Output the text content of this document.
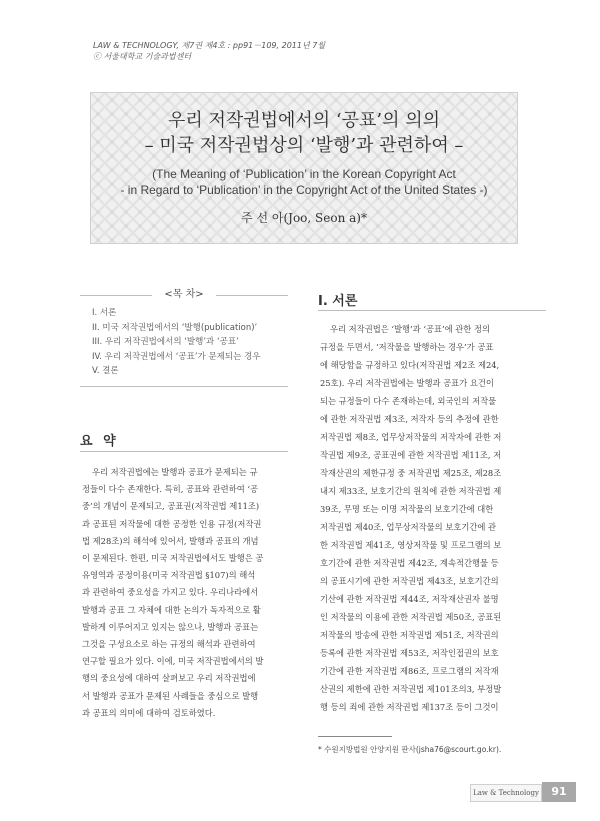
LAW & TECHNOLOGY, 제7권 제4호 : pp91－109, 2011년 7월
ⓒ 서울대학교 기술과법센터
우리 저작권법에서의 ‘공표’의 의의
– 미국 저작권법상의 ‘발행’과 관련하여 –
(The Meaning of ‘Publication’ in the Korean Copyright Act
- in Regard to ‘Publication’ in the Copyright Act of the United States -)
주 선 아(Joo, Seon a)*
<목 차>
I. 서론
II. 미국 저작권법에서의 ‘발행(publication)’
III. 우리 저작권법에서의 ‘발행’과 ‘공표’
IV. 우리 저작권법에서 ‘공표’가 문제되는 경우
V. 결론
요 약
우리 저작권법에는 발행과 공표가 문제되는 규
정들이 다수 존재한다. 특히, 공표와 관련하여 ‘공
중’의 개념이 문제되고, 공표권(저작권법 제11조)
과 공표된 저작물에 대한 공정한 인용 규정(저작권
법 제28조)의 해석에 있어서, 발행과 공표의 개념
이 문제된다. 한편, 미국 저작권법에서도 발행은 공
유영역과 공정이용(미국 저작권법 §107)의 해석
과 관련하여 중요성을 가지고 있다. 우리나라에서
발행과 공표 그 자체에 대한 논의가 독자적으로 활
발하게 이루어지고 있지는 않으나, 발행과 공표는
그것을 구성요소로 하는 규정의 해석과 관련하여
연구할 필요가 있다. 이에, 미국 저작권법에서의 발
행의 중요성에 대하여 살펴보고 우리 저작권법에
서 발행과 공표가 문제된 사례들을 중심으로 발행
과 공표의 의미에 대하여 검토하였다.
I. 서론
우리 저작권법은 ‘발행’과 ‘공표’에 관한 정의
규정을 두면서, ‘저작물을 발행하는 경우’가 공표
에 해당함을 규정하고 있다(저작권법 제2조 제24,
25호). 우리 저작권법에는 발행과 공표가 요건이
되는 규정들이 다수 존재하는데, 외국인의 저작물
에 관한 저작권법 제3조, 저작자 등의 추정에 관한
저작권법 제8조, 업무상저작물의 저작자에 관한 저
작권법 제9조, 공표권에 관한 저작권법 제11조, 저
작재산권의 제한규정 중 저작권법 제25조, 제28조
내지 제33조, 보호기간의 원칙에 관한 저작권법 제
39조, 무명 또는 이명 저작물의 보호기간에 대한
저작권법 제40조, 업무상저작물의 보호기간에 관
한 저작권법 제41조, 영상저작물 및 프로그램의 보
호기간에 관한 저작권법 제42조, 계속적간행물 등
의 공표시기에 관한 저작권법 제43조, 보호기간의
기산에 관한 저작권법 제44조, 저작재산권자 불명
인 저작물의 이용에 관한 저작권법 제50조, 공표된
저작물의 방송에 관한 저작권법 제51조, 저작권의
등록에 관한 저작권법 제53조, 저작인접권의 보호
기간에 관한 저작권법 제86조, 프로그램의 저작재
산권의 제한에 관한 저작권법 제101조의3, 부정발
행 등의 죄에 관한 저작권법 제137조 등이 그것이
* 수원지방법원 안양지원 판사(jsha76@scourt.go.kr).
Law & Technology	91
